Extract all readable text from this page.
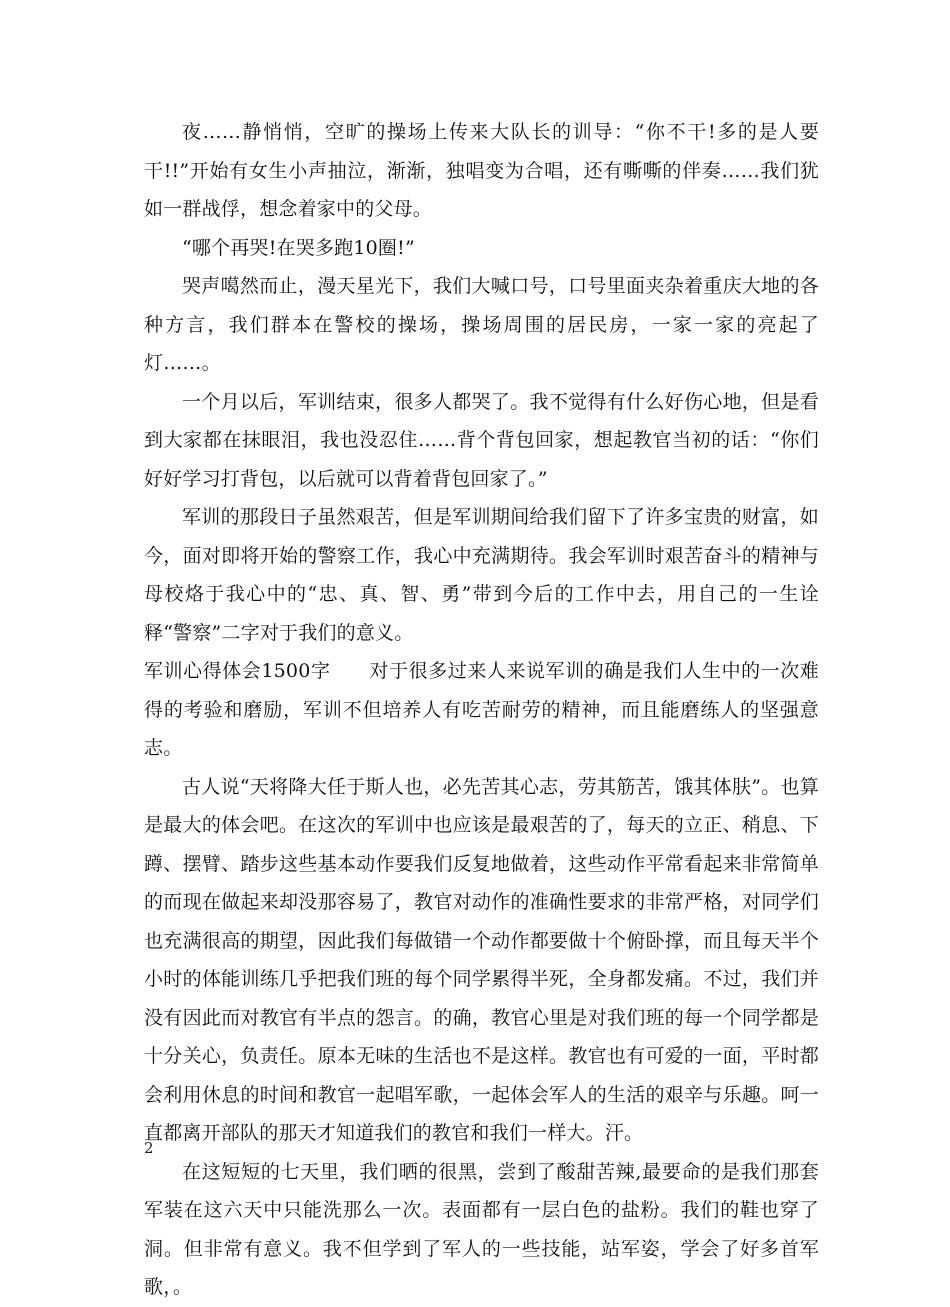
夜……静悄悄，空旷的操场上传来大队长的训导：“你不干!多的是人要干!!”开始有女生小声抽泣，渐渐，独唱变为合唱，还有嘶嘶的伴奏……我们犹如一群战俘，想念着家中的父母。

“哪个再哭!在哭多跑10圈!”

哭声噶然而止，漫天星光下，我们大喊口号，口号里面夹杂着重庆大地的各种方言，我们群本在警校的操场，操场周围的居民房，一家一家的亮起了灯……。

一个月以后，军训结束，很多人都哭了。我不觉得有什么好伤心地，但是看到大家都在抹眼泪，我也没忍住……背个背包回家，想起教官当初的话：“你们好好学习打背包，以后就可以背着背包回家了。”

军训的那段日子虽然艰苦，但是军训期间给我们留下了许多宝贵的财富，如今，面对即将开始的警察工作，我心中充满期待。我会军训时艰苦奋斗的精神与母校烙于我心中的“忠、真、智、勇”带到今后的工作中去，用自己的一生诠释“警察”二字对于我们的意义。

军训心得体会1500字　　对于很多过来人来说军训的确是我们人生中的一次难得的考验和磨励，军训不但培养人有吃苦耐劳的精神，而且能磨练人的坚强意志。

古人说“天将降大任于斯人也，必先苦其心志，劳其筋苦，饿其体肤”。也算是最大的体会吧。在这次的军训中也应该是最艰苦的了，每天的立正、稍息、下蹲、摆臂、踏步这些基本动作要我们反复地做着，这些动作平常看起来非常简单的而现在做起来却没那容易了，教官对动作的准确性要求的非常严格，对同学们也充满很高的期望，因此我们每做错一个动作都要做十个俯卧撑，而且每天半个小时的体能训练几乎把我们班的每个同学累得半死，全身都发痛。不过，我们并没有因此而对教官有半点的怨言。的确，教官心里是对我们班的每一个同学都是十分关心，负责任。原本无味的生活也不是这样。教官也有可爱的一面，平时都会利用休息的时间和教官一起唱军歌，一起体会军人的生活的艰辛与乐趣。呵一直都离开部队的那天才知道我们的教官和我们一样大。汗。

在这短短的七天里，我们晒的很黑，尝到了酸甜苦辣,最要命的是我们那套军装在这六天中只能洗那么一次。表面都有一层白色的盐粉。我们的鞋也穿了洞。但非常有意义。我不但学到了军人的一些技能，站军姿，学会了好多首军歌，。

2
